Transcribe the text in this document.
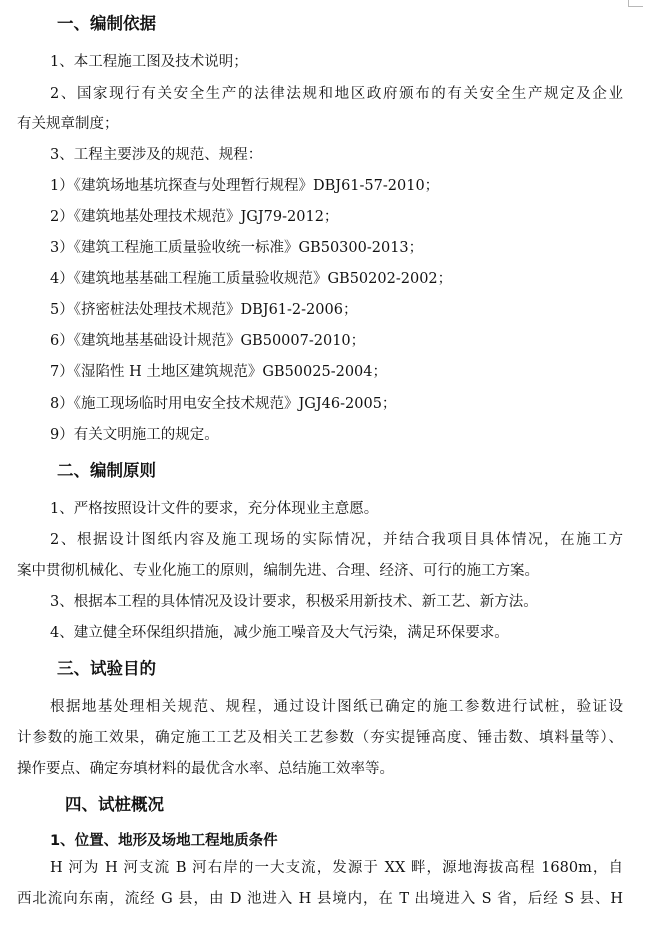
一、编制依据
1、本工程施工图及技术说明；
2、国家现行有关安全生产的法律法规和地区政府颁布的有关安全生产规定及企业
有关规章制度；
3、工程主要涉及的规范、规程：
1）《建筑场地基坑探查与处理暂行规程》DBJ61-57-2010；
2）《建筑地基处理技术规范》JGJ79-2012；
3）《建筑工程施工质量验收统一标准》GB50300-2013；
4）《建筑地基基础工程施工质量验收规范》GB50202-2002；
5）《挤密桩法处理技术规范》DBJ61-2-2006；
6）《建筑地基基础设计规范》GB50007-2010；
7）《湿陷性 H 土地区建筑规范》GB50025-2004；
8）《施工现场临时用电安全技术规范》JGJ46-2005；
9）有关文明施工的规定。
二、编制原则
1、严格按照设计文件的要求，充分体现业主意愿。
2、根据设计图纸内容及施工现场的实际情况，并结合我项目具体情况，在施工方
案中贯彻机械化、专业化施工的原则，编制先进、合理、经济、可行的施工方案。
3、根据本工程的具体情况及设计要求，积极采用新技术、新工艺、新方法。
4、建立健全环保组织措施，减少施工噪音及大气污染，满足环保要求。
三、试验目的
根据地基处理相关规范、规程，通过设计图纸已确定的施工参数进行试桩，验证设
计参数的施工效果，确定施工工艺及相关工艺参数（夯实提锤高度、锤击数、填料量等）、
操作要点、确定夯填材料的最优含水率、总结施工效率等。
四、试桩概况
1、位置、地形及场地工程地质条件
H 河为 H 河支流 B 河右岸的一大支流，发源于 XX 畔，源地海拔高程 1680m，自
西北流向东南，流经 G 县，由 D 池进入 H 县境内，在 T 出境进入 S 省，后经 S 县、H
